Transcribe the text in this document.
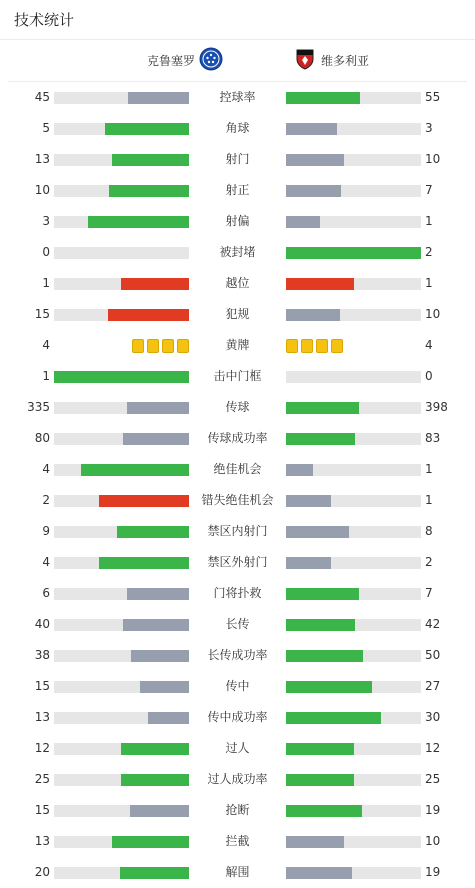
技术统计
克鲁塞罗	维多利亚
45	控球率	55
5	角球	3
13	射门	10
10	射正	7
3	射偏	1
0	被封堵	2
1	越位	1
15	犯规	10
4	黄牌	4
1	击中门框	0
335	传球	398
80	传球成功率	83
4	绝佳机会	1
2	错失绝佳机会	1
9	禁区内射门	8
4	禁区外射门	2
6	门将扑救	7
40	长传	42
38	长传成功率	50
15	传中	27
13	传中成功率	30
12	过人	12
25	过人成功率	25
15	抢断	19
13	拦截	10
20	解围	19
